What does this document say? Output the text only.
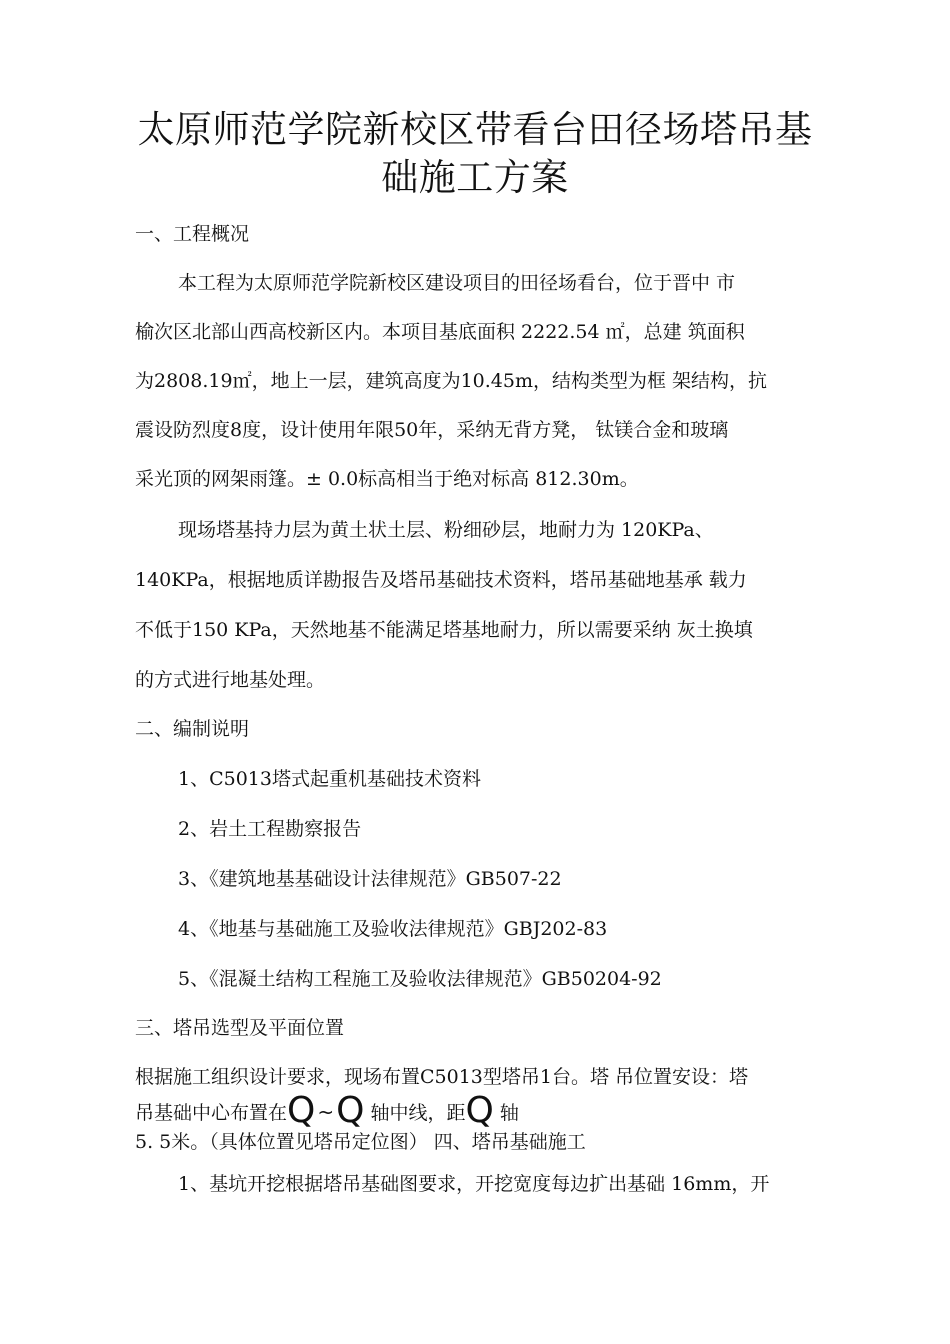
太原师范学院新校区带看台田径场塔吊基
础施工方案

一、工程概况

本工程为太原师范学院新校区建设项目的田径场看台，位于晋中 市

榆次区北部山西高校新区内。本项目基底面积 2222.54 ㎡，总建 筑面积

为2808.19㎡，地上一层，建筑高度为10.45m，结构类型为框 架结构，抗

震设防烈度8度，设计使用年限50年，采纳无背方凳， 钛镁合金和玻璃

采光顶的网架雨篷。± 0.0标高相当于绝对标高 812.30m。

现场塔基持力层为黄土状土层、粉细砂层，地耐力为 120KPa、

140KPa，根据地质详勘报告及塔吊基础技术资料，塔吊基础地基承 载力

不低于150 KPa，天然地基不能满足塔基地耐力，所以需要采纳 灰土换填

的方式进行地基处理。

二、编制说明

1、C5013塔式起重机基础技术资料

2、岩土工程勘察报告

3、《建筑地基基础设计法律规范》GB507-22

4、《地基与基础施工及验收法律规范》GBJ202-83

5、《混凝土结构工程施工及验收法律规范》GB50204-92

三、塔吊选型及平面位置

根据施工组织设计要求，现场布置C5013型塔吊1台。塔 吊位置安设：塔

吊基础中心布置在Q ~Q 轴中线，距Q 轴

5. 5米。（具体位置见塔吊定位图） 四、塔吊基础施工

1、基坑开挖根据塔吊基础图要求，开挖宽度每边扩出基础 16mm，开
